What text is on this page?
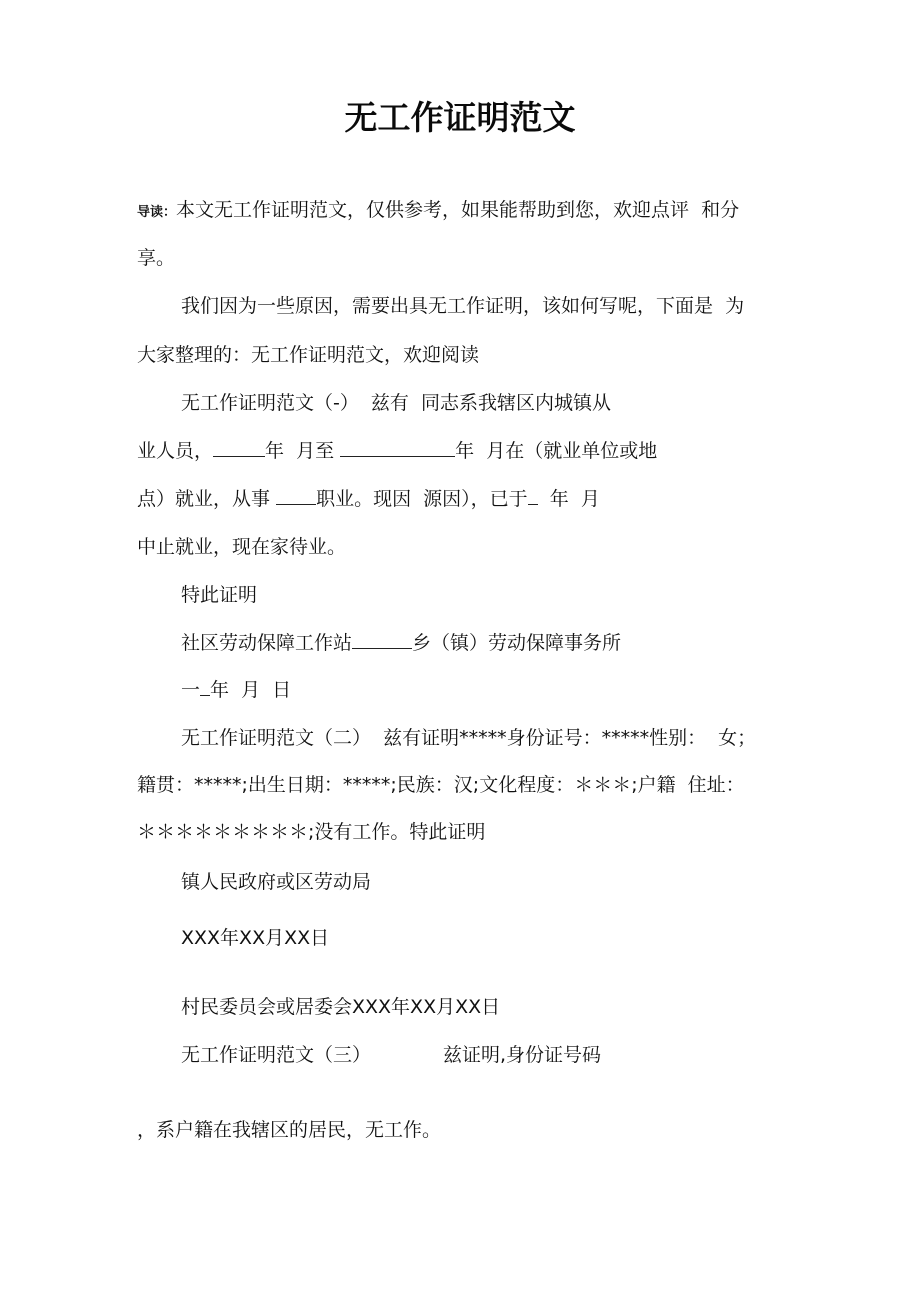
无工作证明范文
导读：本文无工作证明范文，仅供参考，如果能帮助到您，欢迎点评  和分
享。
我们因为一些原因，需要出具无工作证明，该如何写呢，下面是  为
大家整理的：无工作证明范文，欢迎阅读
无工作证明范文（-）  兹有  同志系我辖区内城镇从
业人员，	年  月至	年  月在（就业单位或地
点）就业，从事 职业。现因  源因），已于  年  月
中止就业，现在家待业。
特此证明
社区劳动保障工作站	乡（镇）劳动保障事务所
一 年  月  日
无工作证明范文（二）  兹有证明*****身份证号：*****性别：  女；
籍贯：*****;出生日期：*****;民族：汉;文化程度：＊＊＊;户籍  住址：
＊＊＊＊＊＊＊＊＊;没有工作。特此证明
镇人民政府或区劳动局
XXX年XX月XX日
村民委员会或居委会XXX年XX月XX日
无工作证明范文（三）	兹证明,身份证号码
，系户籍在我辖区的居民，无工作。
